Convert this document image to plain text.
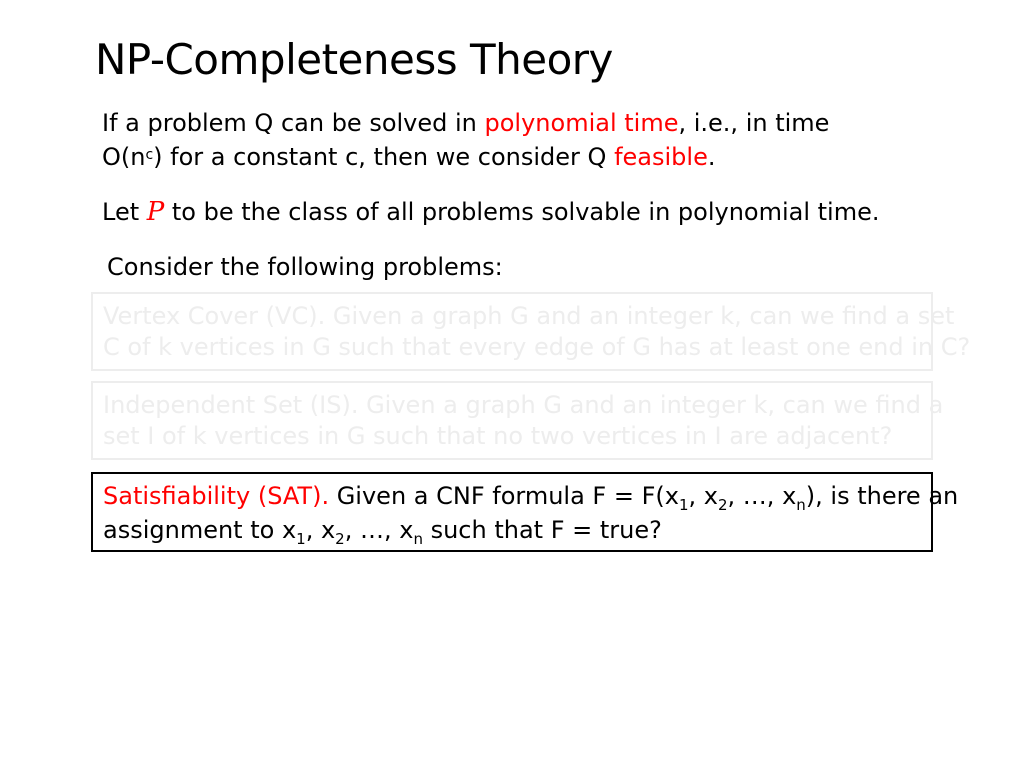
NP-Completeness Theory
If a problem Q can be solved in polynomial time, i.e., in time
$O(n^c)$ for a constant c, then we consider Q feasible.
Let P to be the class of all problems solvable in polynomial time.
Consider the following problems:
Vertex Cover (VC). Given a graph G and an integer k, can we find a set
C of k vertices in G such that every edge of G has at least one end in C?
Independent Set (IS). Given a graph G and an integer k, can we find a
set I of k vertices in G such that no two vertices in I are adjacent?
Satisfiability (SAT). Given a CNF formula $F = F(x_1$, $x_2$, …, $x_n$), is there an
assignment to $x_1$, $x_2$, …, $x_n$ such that F = true?
